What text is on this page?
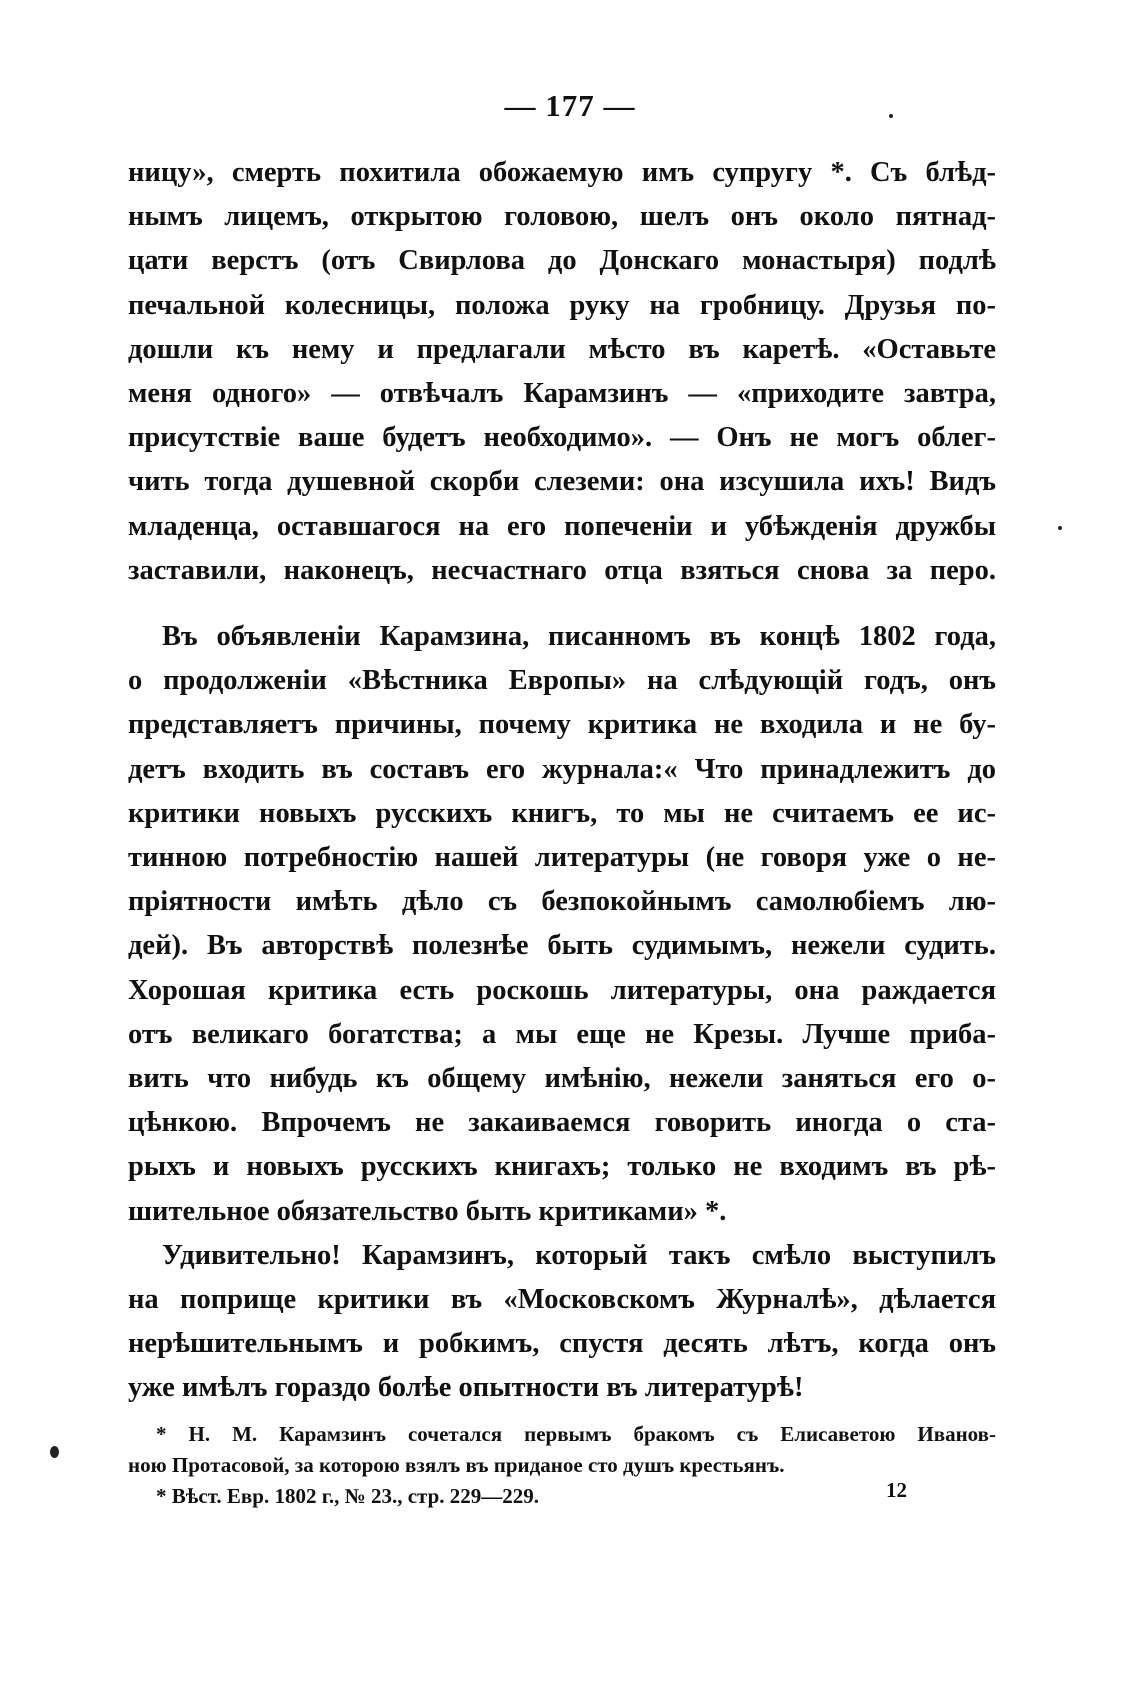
— 177 —
ницу», смерть похитила обожаемую имъ супругу *. Съ блѣд-
нымъ лицемъ, открытою головою, шелъ онъ около пятнад-
цати верстъ (отъ Свирлова до Донскаго монастыря) подлѣ
печальной колесницы, положа руку на гробницу. Друзья по-
дошли къ нему и предлагали мѣсто въ каретѣ. «Оставьте
меня одного» — отвѣчалъ Карамзинъ — «приходите завтра,
присутствіе ваше будетъ необходимо». — Онъ не могъ облег-
чить тогда душевной скорби слеземи: она изсушила ихъ! Видъ
младенца, оставшагося на его попеченіи и убѣжденія дружбы
заставили, наконецъ, несчастнаго отца взяться снова за перо.
Въ объявленіи Карамзина, писанномъ въ концѣ 1802 года,
о продолженіи «Вѣстника Европы» на слѣдующій годъ, онъ
представляетъ причины, почему критика не входила и не бу-
детъ входить въ составъ его журнала:« Что принадлежитъ до
критики новыхъ русскихъ книгъ, то мы не считаемъ ее ис-
тинною потребностію нашей литературы (не говоря уже о не-
пріятности имѣть дѣло съ безпокойнымъ самолюбіемъ лю-
дей). Въ авторствѣ полезнѣе быть судимымъ, нежели судить.
Хорошая критика есть роскошь литературы, она раждается
отъ великаго богатства; а мы еще не Крезы. Лучше приба-
вить что нибудь къ общему имѣнію, нежели заняться его о-
цѣнкою. Впрочемъ не закаиваемся говорить иногда о ста-
рыхъ и новыхъ русскихъ книгахъ; только не входимъ въ рѣ-
шительное обязательство быть критиками» *.
Удивительно! Карамзинъ, который такъ смѣло выступилъ
на поприще критики въ «Московскомъ Журналѣ», дѣлается
нерѣшительнымъ и робкимъ, спустя десять лѣтъ, когда онъ
уже имѣлъ гораздо болѣе опытности въ литературѣ!
* Н. М. Карамзинъ сочетался первымъ бракомъ съ Елисаветою Иванов-
ною Протасовой, за которою взялъ въ приданое сто душъ крестьянъ.
* Вѣст. Евр. 1802 г., № 23., стр. 229—229.	12
